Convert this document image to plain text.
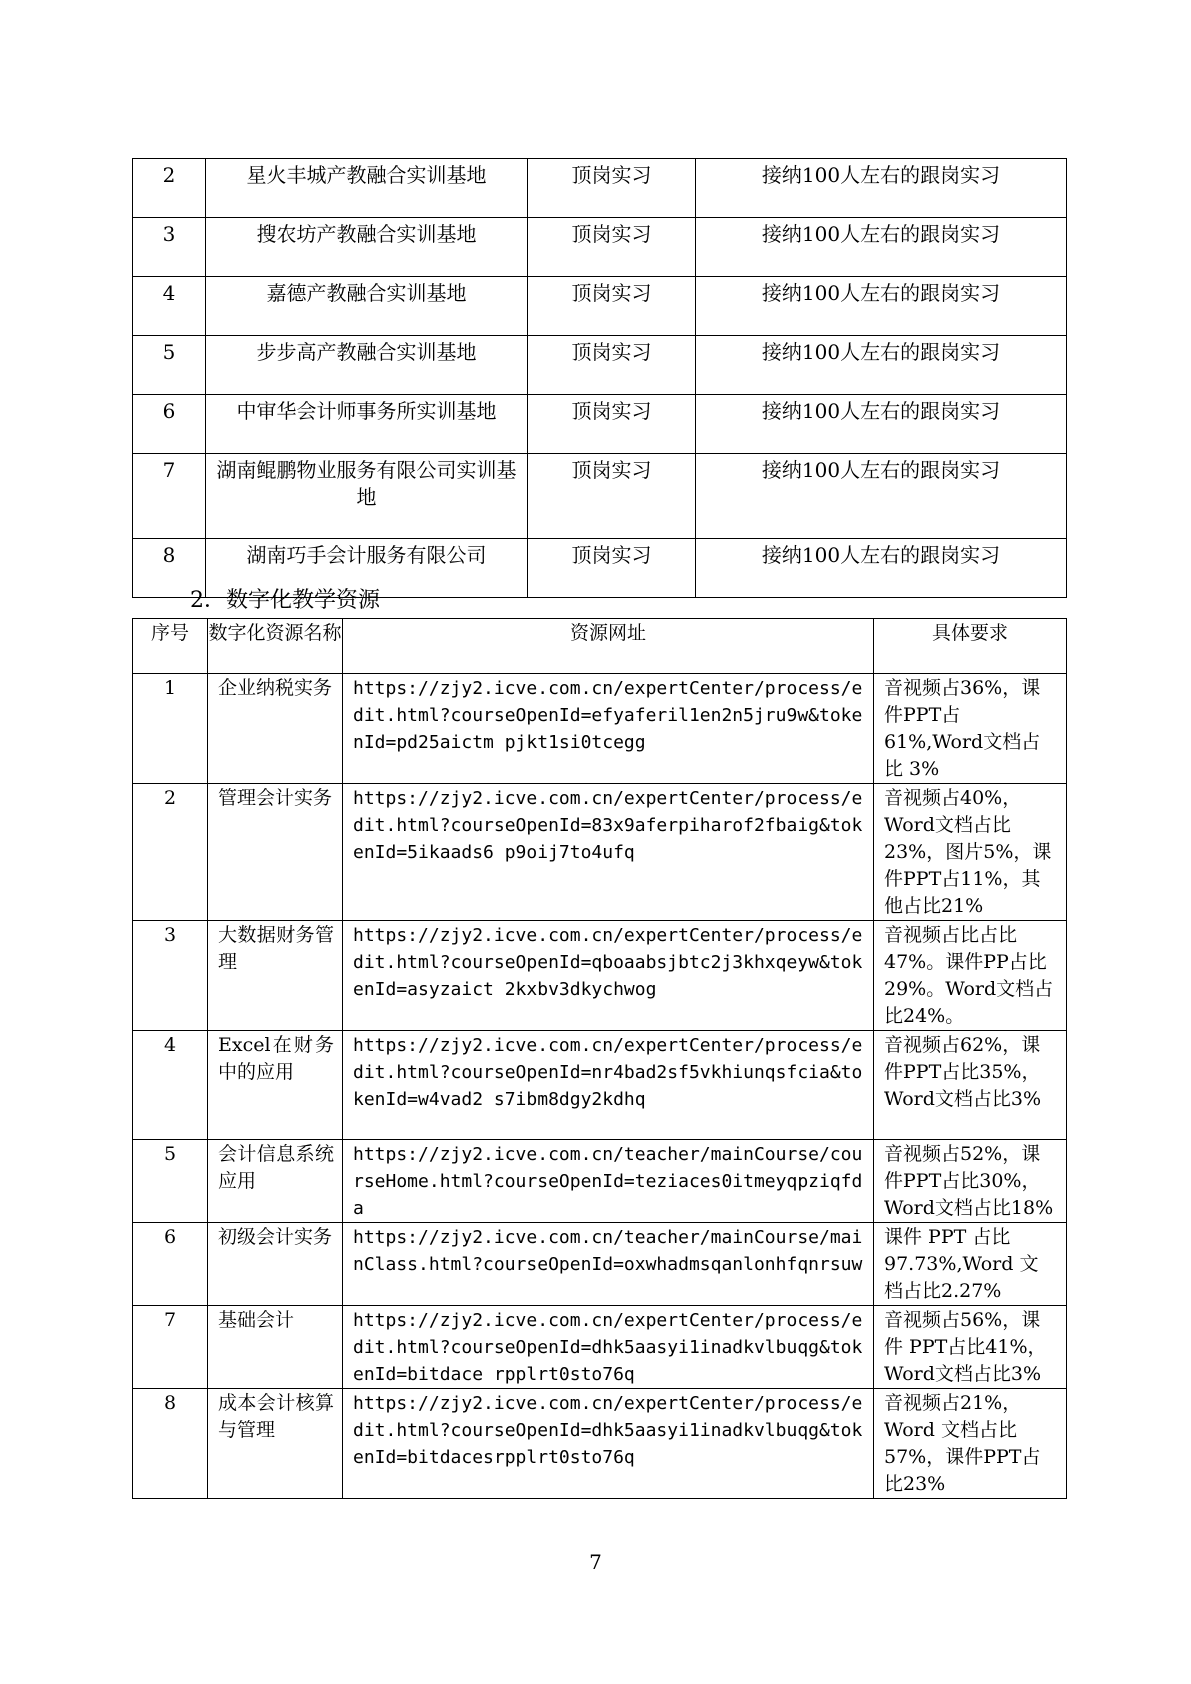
2	星火丰城产教融合实训基地	顶岗实习	接纳100人左右的跟岗实习
3	搜农坊产教融合实训基地	顶岗实习	接纳100人左右的跟岗实习
4	嘉德产教融合实训基地	顶岗实习	接纳100人左右的跟岗实习
5	步步高产教融合实训基地	顶岗实习	接纳100人左右的跟岗实习
6	中审华会计师事务所实训基地	顶岗实习	接纳100人左右的跟岗实习
7	湖南鲲鹏物业服务有限公司实训基地	顶岗实习	接纳100人左右的跟岗实习
8	湖南巧手会计服务有限公司	顶岗实习	接纳100人左右的跟岗实习
2．数字化教学资源
序号	数字化资源名称	资源网址	具体要求
1	企业纳税实务	https://zjy2.icve.com.cn/expertCenter/process/edit.html?courseOpenId=efyaferil1en2n5jru9w&tokenId=pd25aictm pjkt1si0tcegg	音视频占36%，课件PPT占61%,Word文档占比 3%
2	管理会计实务	https://zjy2.icve.com.cn/expertCenter/process/edit.html?courseOpenId=83x9aferpiharof2fbaig&tokenId=5ikaads6 p9oij7to4ufq	音视频占40%，Word文档占比23%，图片5%，课件PPT占11%，其他占比21%
3	大数据财务管理	https://zjy2.icve.com.cn/expertCenter/process/edit.html?courseOpenId=qboaabsjbtc2j3khxqeyw&tokenId=asyzaict 2kxbv3dkychwog	音视频占比占比47%。课件PP占比29%。Word文档占比24%。
4	Excel在财务中的应用	https://zjy2.icve.com.cn/expertCenter/process/edit.html?courseOpenId=nr4bad2sf5vkhiunqsfcia&tokenId=w4vad2 s7ibm8dgy2kdhq	音视频占62%，课件PPT占比35%，Word文档占比3%
5	会计信息系统应用	https://zjy2.icve.com.cn/teacher/mainCourse/courseHome.html?courseOpenId=teziaces0itmeyqpziqfda	音视频占52%，课件PPT占比30%，Word文档占比18%
6	初级会计实务	https://zjy2.icve.com.cn/teacher/mainCourse/mainClass.html?courseOpenId=oxwhadmsqanlonhfqnrsuw	课件 PPT 占比97.73%,Word 文档占比2.27%
7	基础会计	https://zjy2.icve.com.cn/expertCenter/process/edit.html?courseOpenId=dhk5aasyi1inadkvlbuqg&tokenId=bitdace rpplrt0sto76q	音视频占56%，课件 PPT占比41%，Word文档占比3%
8	成本会计核算与管理	https://zjy2.icve.com.cn/expertCenter/process/edit.html?courseOpenId=dhk5aasyi1inadkvlbuqg&tokenId=bitdacesrpplrt0sto76q	音视频占21%，Word 文档占比57%，课件PPT占比23%
7
